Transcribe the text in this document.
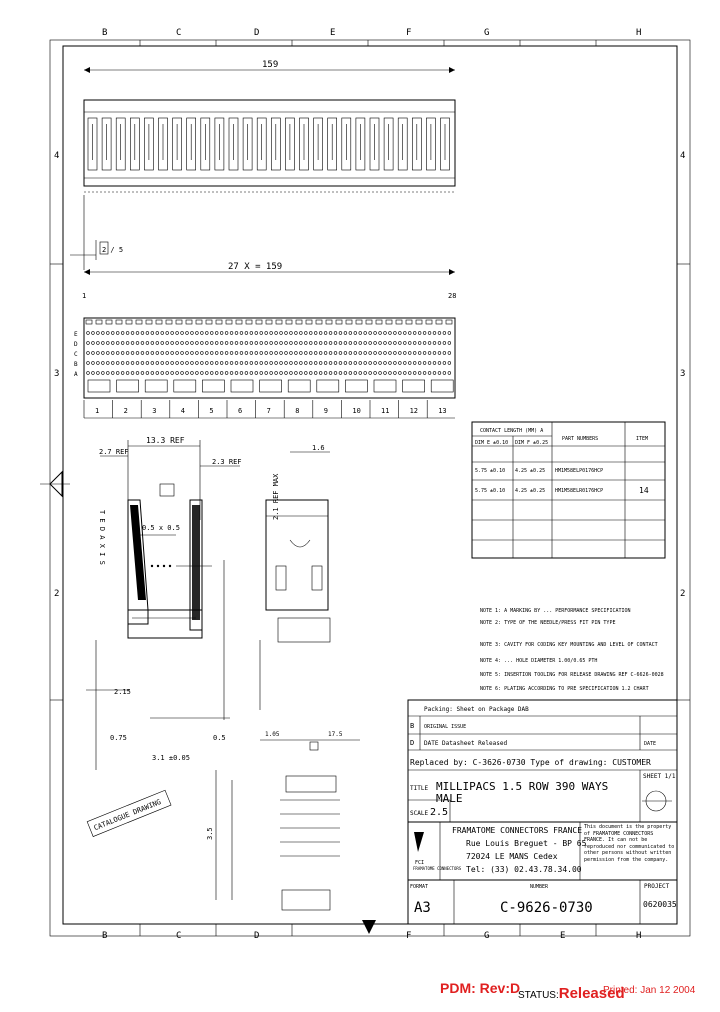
B	C	D	E	F	G	H
B	C	D	F	G	E	H
4
3
2
4
3
2
159
2 / 5
27 X = 159
1	28
E
D
C
B
A
1	2	3	4	5	6	7	8	9	10	11	12	13
CONTACT LENGTH (MM) A
PART NUMBERS	ITEM
DIM E ±0.10 DIM F ±0.25
5.75 ±0.10 4.25 ±0.25 HM1M58ELP0176HCP
5.75 ±0.10 4.25 ±0.25 HM1M58ELR0176HCP	14
13.3 REF
2.7 REF
2.3 REF
0.5 x 0.5
T E D A X I S
2.15
0.75
3.1 ±0.05
0.5
1.6
2.1 REF MAX
1.05	17.5
3.5
CATALOGUE DRAWING
NOTE 1: A MARKING BY ... PERFORMANCE SPECIFICATION
NOTE 2: TYPE OF THE NEEDLE/PRESS FIT PIN TYPE
NOTE 3: CAVITY FOR CODING KEY MOUNTING AND LEVEL OF CONTACT
NOTE 4: ... HOLE DIAMETER 1.00/0.65 PTH
NOTE 5: INSERTION TOOLING FOR RELEASE DRAWING REF C-6626-0028
NOTE 6: PLATING ACCORDING TO PRE SPECIFICATION 1.2 CHART
Packing: Sheet on Package DAB
B ORIGINAL ISSUE
D DATE Datasheet Released	DATE
Replaced by: C-3626-0730 Type of drawing: CUSTOMER
TITLE MILLIPACS 1.5 ROW 390 WAYS
MALE
SCALE 2.5
SHEET 1/1
FCI
FRAMATOME CONNECTORS
FRAMATOME CONNECTORS FRANCE
Rue Louis Breguet - BP 65
72024 LE MANS Cedex
Tel: (33) 02.43.78.34.00
This document is the property of FRAMATOME CONNECTORS FRANCE. It can not be reproduced nor communicated to other persons without written permission from the company.
FORMAT
A3
NUMBER
C-9626-0730
PROJECT
0620035
PDM: Rev:D
STATUS:Released
Printed: Jan 12 2004
